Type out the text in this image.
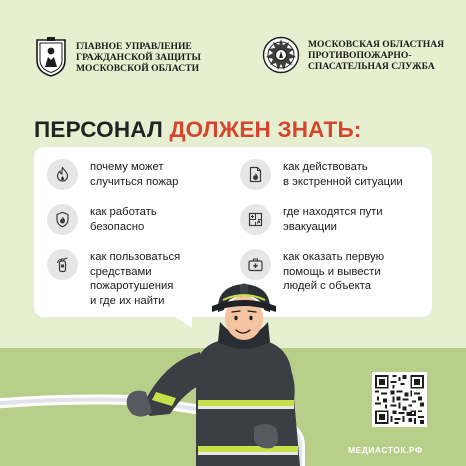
ГЛАВНОЕ УПРАВЛЕНИЕ
ГРАЖДАНСКОЙ ЗАЩИТЫ
МОСКОВСКОЙ ОБЛАСТИ
МОСКОВСКАЯ ОБЛАСТНАЯ
ПРОТИВОПОЖАРНО-
СПАСАТЕЛЬНАЯ СЛУЖБА
ПЕРСОНАЛ ДОЛЖЕН ЗНАТЬ:
почему может
случиться пожар
как действовать
в экстренной ситуации
как работать
безопасно
где находятся пути
эвакуации
как пользоваться
средствами
пожаротушения
и где их найти
как оказать первую
помощь и вывести
людей с объекта
МЕДИАСТОК.РФ
